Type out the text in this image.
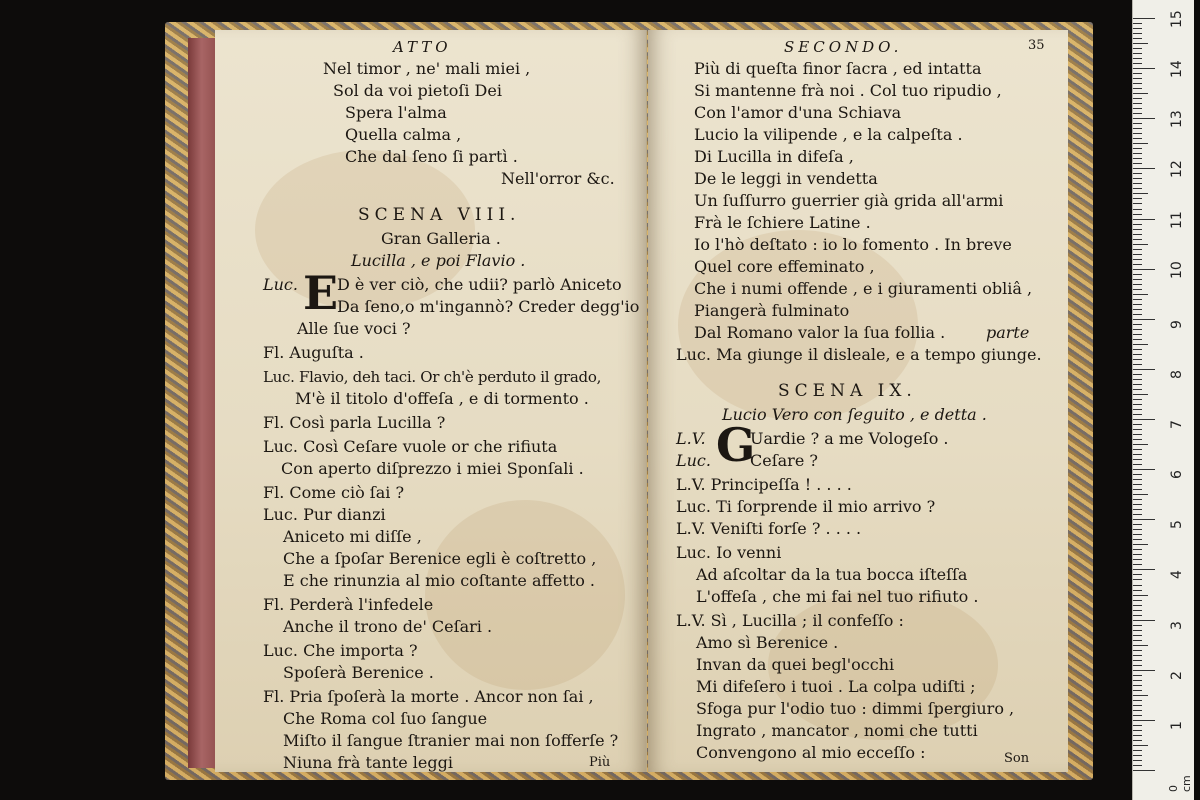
ATTO
Nel timor , ne' mali miei ,
Sol da voi pietoſi Dei
Spera l'alma
Quella calma ,
Che dal ſeno ſi partì .
Nell'orror &c.
SCENA VIII.
Gran Galleria .
Lucilla , e poi Flavio .
Luc. E
D è ver ciò, che udii? parlò Aniceto
Da ſeno,o m'ingannò? Creder degg'io
Alle ſue voci ?
Fl. Auguſta .
Luc. Flavio, deh taci. Or ch'è perduto il grado,
M'è il titolo d'offeſa , e di tormento .
Fl. Così parla Lucilla ?
Luc. Così Ceſare vuole or che rifiuta
Con aperto diſprezzo i miei Sponſali .
Fl. Come ciò ſai ?
Luc. Pur dianzi
Aniceto mi diſſe ,
Che a ſpoſar Berenice egli è coſtretto ,
E che rinunzia al mio coſtante affetto .
Fl. Perderà l'infedele
Anche il trono de' Ceſari .
Luc. Che importa ?
Spoſerà Berenice .
Fl. Pria ſpoſerà la morte . Ancor non ſai ,
Che Roma col ſuo ſangue
Miſto il ſangue ſtranier mai non ſofferſe ?
Niuna frà tante leggi	Più
SECONDO.	35
Più di queſta finor ſacra , ed intatta
Si mantenne frà noi . Col tuo ripudio ,
Con l'amor d'una Schiava
Lucio la vilipende , e la calpeſta .
Di Lucilla in difeſa ,
De le leggi in vendetta
Un ſuſſurro guerrier già grida all'armi
Frà le ſchiere Latine .
Io l'hò deſtato : io lo fomento . In breve
Quel core effeminato ,
Che i numi offende , e i giuramenti obliâ ,
Piangerà fulminato
Dal Romano valor la ſua follia .	parte
Luc. Ma giunge il disleale, e a tempo giunge.
SCENA IX.
Lucio Vero con ſeguito , e detta .
L.V. G
Uardie ? a me Vologeſo .
Luc. Ceſare ?
L.V. Principeſſa ! . . . .
Luc. Ti ſorprende il mio arrivo ?
L.V. Veniſti forſe ? . . . .
Luc. Io venni
Ad aſcoltar da la tua bocca iſteſſa
L'offeſa , che mi fai nel tuo rifiuto .
L.V. Sì , Lucilla ; il confeſſo :
Amo sì Berenice .
Invan da quei begl'occhi
Mi difeſero i tuoi . La colpa udiſti ;
Sfoga pur l'odio tuo : dimmi ſpergiuro ,
Ingrato , mancator , nomi che tutti
Convengono al mio ecceſſo :	Son
0 cm
15
14
13
12
11
10
9
8
7
6
5
4
3
2
1
